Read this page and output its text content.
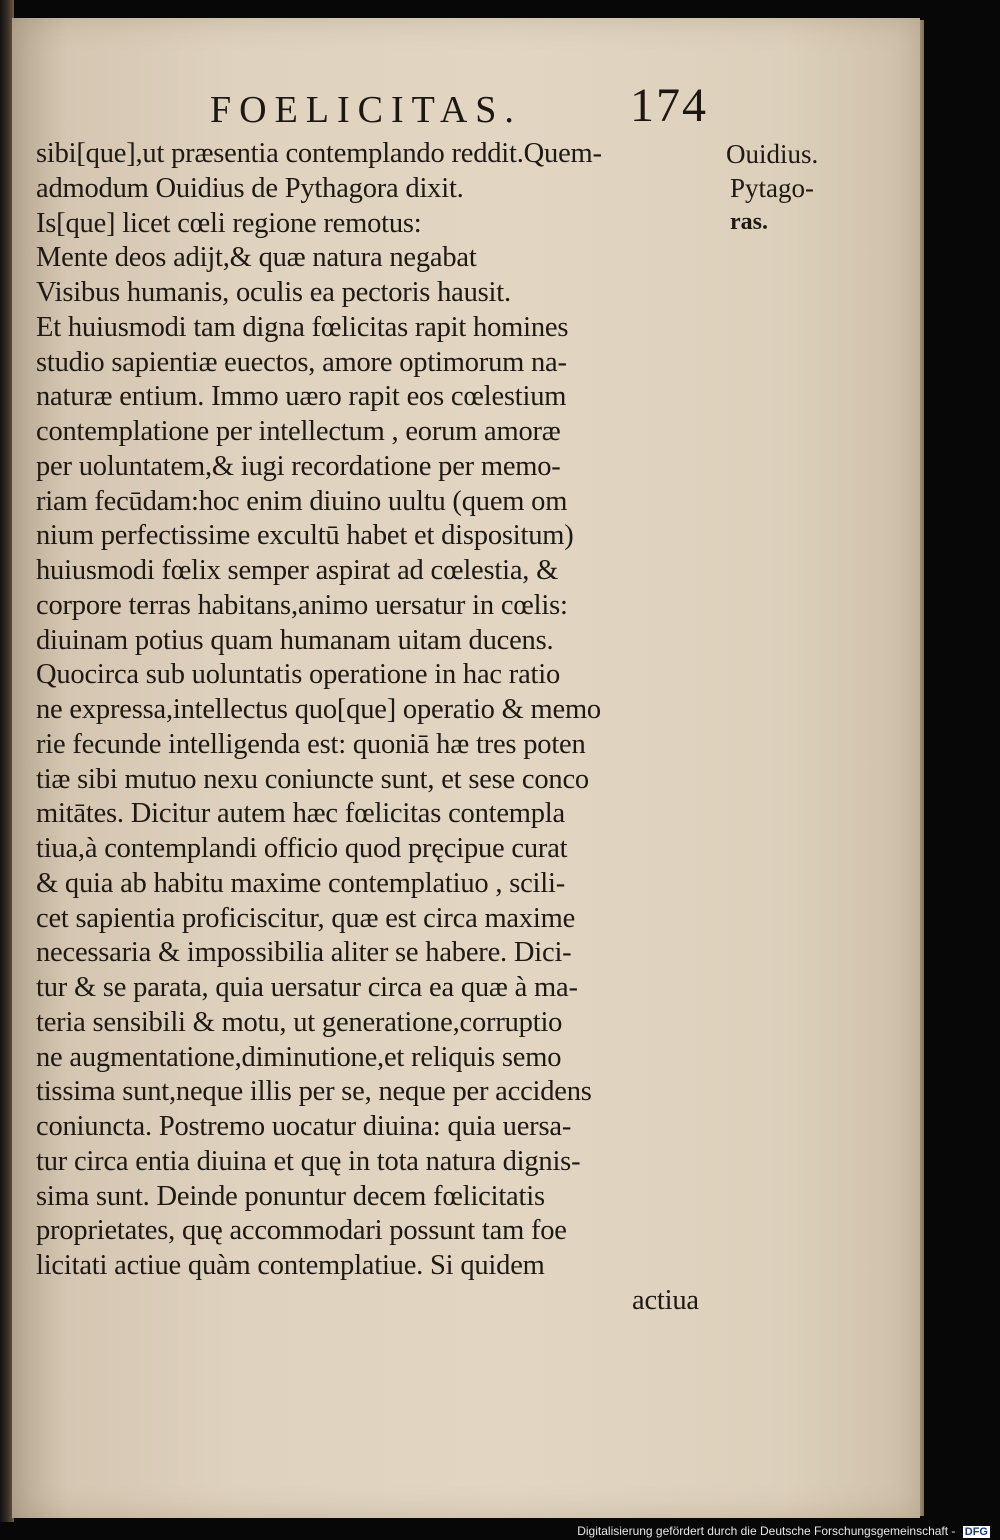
FOELICITAS. 174
sibi[que],ut præsentia contemplando reddit.Quem-
admodum Ouidius de Pythagora dixit.
Is[que] licet cœli regione remotus:
Mente deos adijt,& quæ natura negabat
Visibus humanis, oculis ea pectoris hausit.
Et huiusmodi tam digna fœlicitas rapit homines
studio sapientiæ euectos, amore optimorum na-
naturæ entium. Immo uæro rapit eos cœlestium
contemplatione per intellectum , eorum amoræ
per uoluntatem,& iugi recordatione per memo-
riam fecūdam:hoc enim diuino uultu (quem om
nium perfectissime excultū habet et dispositum)
huiusmodi fœlix semper aspirat ad cœlestia, &
corpore terras habitans,animo uersatur in cœlis:
diuinam potius quam humanam uitam ducens.
Quocirca sub uoluntatis operatione in hac ratio
ne expressa,intellectus quo[que] operatio & memo
rie fecunde intelligenda est: quoniā hæ tres poten
tiæ sibi mutuo nexu coniuncte sunt, et sese conco
mitātes. Dicitur autem hæc fœlicitas contempla
tiua,à contemplandi officio quod pręcipue curat
& quia ab habitu maxime contemplatiuo , scili-
cet sapientia proficiscitur, quæ est circa maxime
necessaria & impossibilia aliter se habere. Dici-
tur & se parata, quia uersatur circa ea quæ à ma-
teria sensibili & motu, ut generatione,corruptio
ne augmentatione,diminutione,et reliquis semo
tissima sunt,neque illis per se, neque per accidens
coniuncta. Postremo uocatur diuina: quia uersa-
tur circa entia diuina et quę in tota natura dignis-
sima sunt. Deinde ponuntur decem fœlicitatis
proprietates, quę accommodari possunt tam foe
licitati actiue quàm contemplatiue. Si quidem
actiua
Ouidius.
Pytago-
ras.
Digitalisierung gefördert durch die Deutsche Forschungsgemeinschaft - DFG
